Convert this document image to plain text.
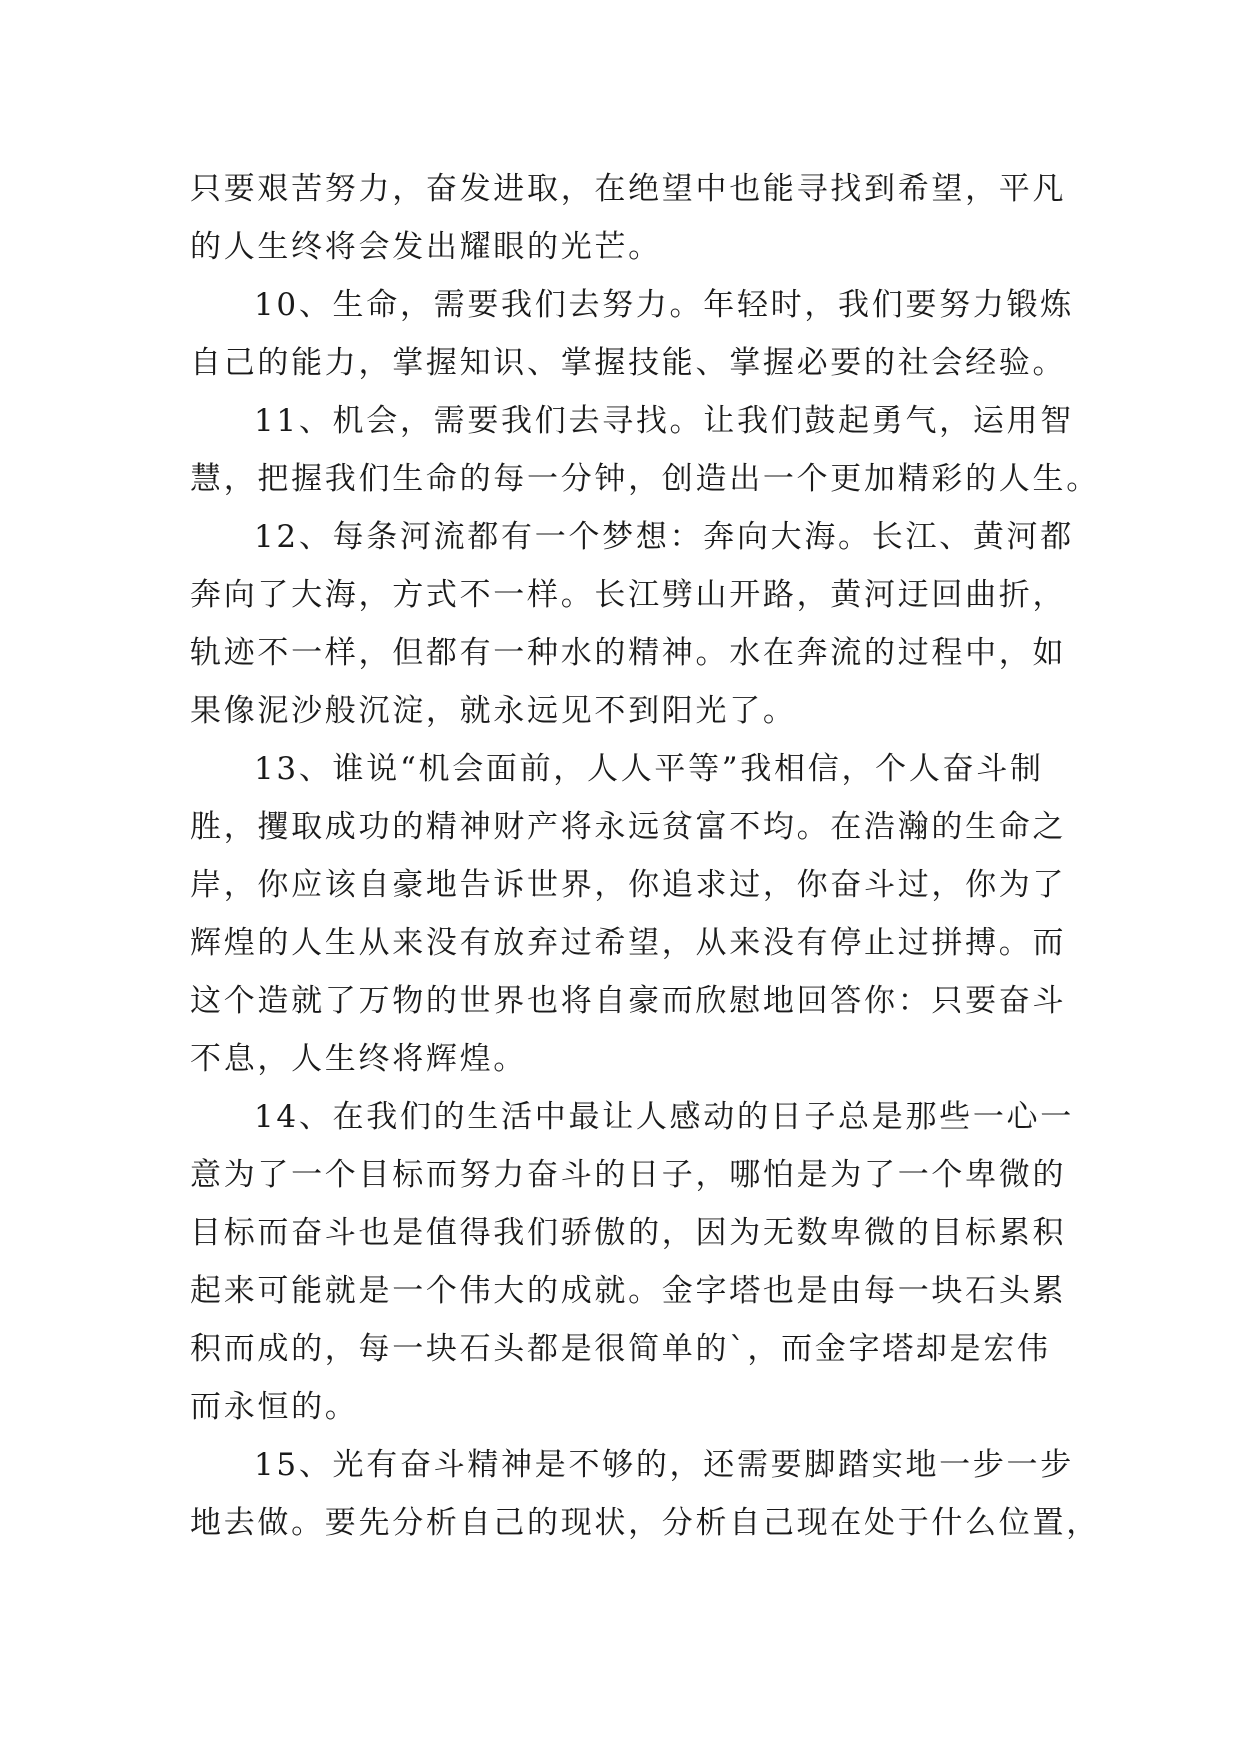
只要艰苦努力，奋发进取，在绝望中也能寻找到希望，平凡
的人生终将会发出耀眼的光芒。
10、生命，需要我们去努力。年轻时，我们要努力锻炼
自己的能力，掌握知识、掌握技能、掌握必要的社会经验。
11、机会，需要我们去寻找。让我们鼓起勇气，运用智
慧，把握我们生命的每一分钟，创造出一个更加精彩的人生。
12、每条河流都有一个梦想：奔向大海。长江、黄河都
奔向了大海，方式不一样。长江劈山开路，黄河迂回曲折，
轨迹不一样，但都有一种水的精神。水在奔流的过程中，如
果像泥沙般沉淀，就永远见不到阳光了。
13、谁说“机会面前，人人平等”我相信，个人奋斗制
胜，攫取成功的精神财产将永远贫富不均。在浩瀚的生命之
岸，你应该自豪地告诉世界，你追求过，你奋斗过，你为了
辉煌的人生从来没有放弃过希望，从来没有停止过拼搏。而
这个造就了万物的世界也将自豪而欣慰地回答你：只要奋斗
不息，人生终将辉煌。
14、在我们的生活中最让人感动的日子总是那些一心一
意为了一个目标而努力奋斗的日子，哪怕是为了一个卑微的
目标而奋斗也是值得我们骄傲的，因为无数卑微的目标累积
起来可能就是一个伟大的成就。金字塔也是由每一块石头累
积而成的，每一块石头都是很简单的`，而金字塔却是宏伟
而永恒的。
15、光有奋斗精神是不够的，还需要脚踏实地一步一步
地去做。要先分析自己的现状，分析自己现在处于什么位置，
